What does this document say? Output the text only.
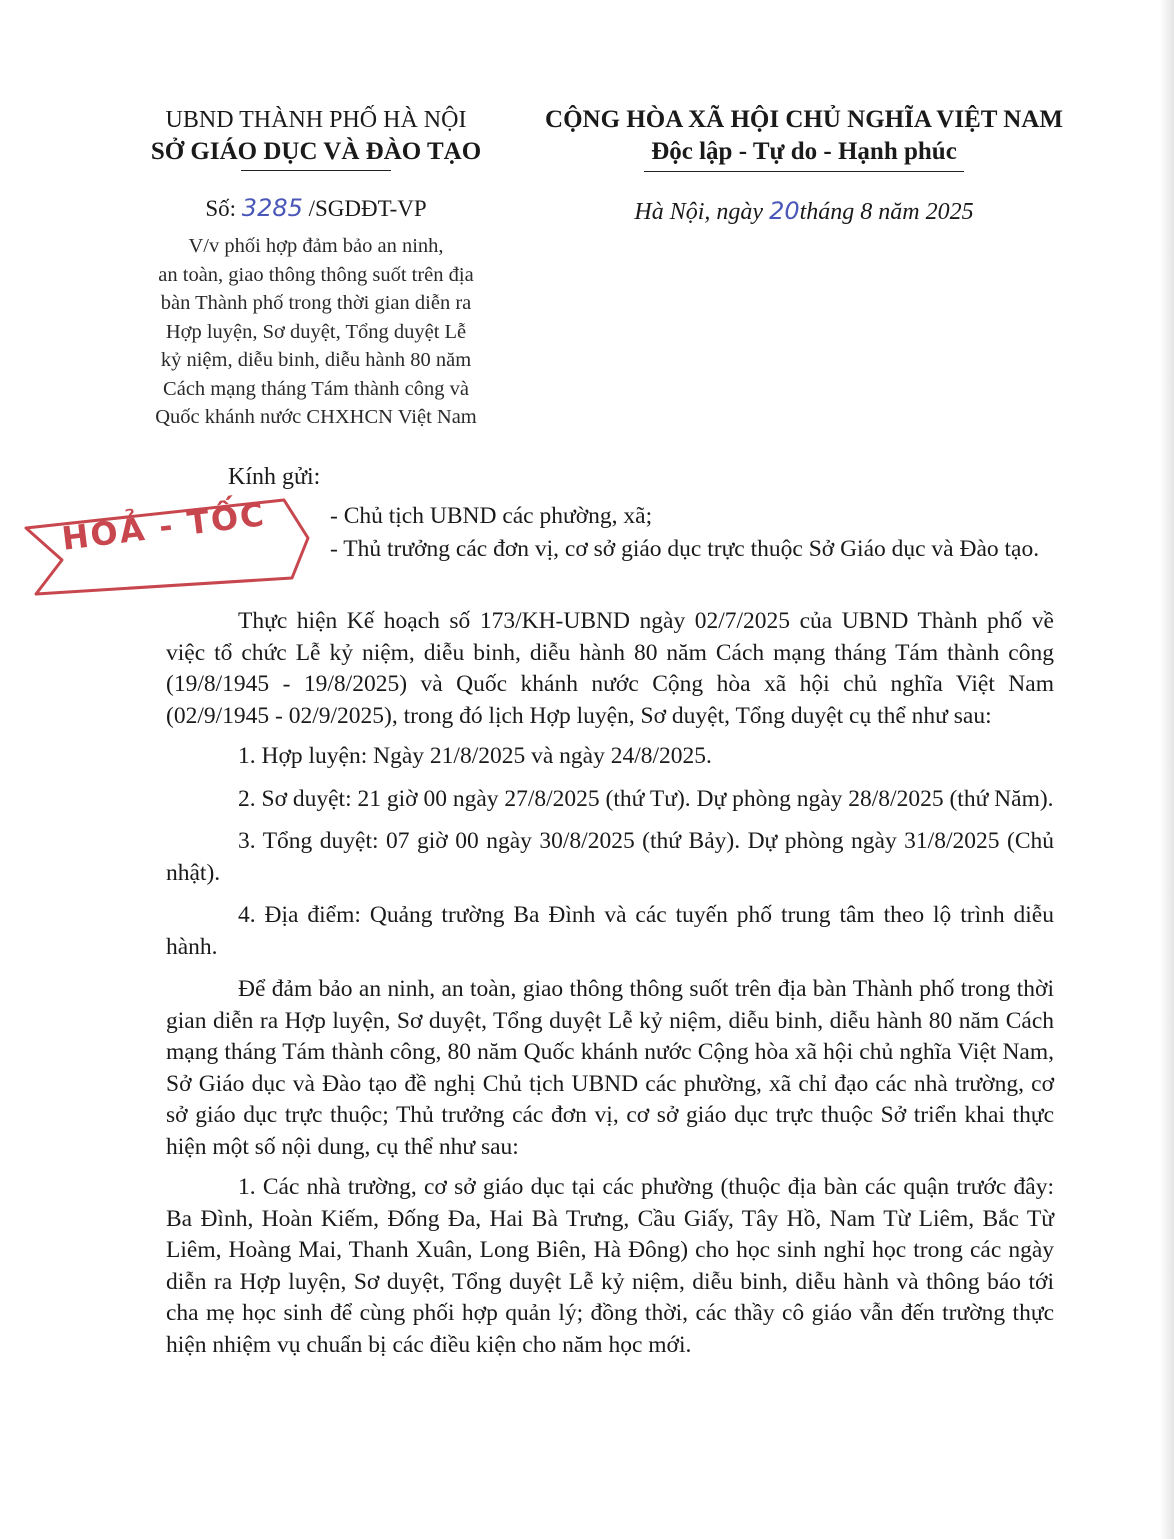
UBND THÀNH PHỐ HÀ NỘI
SỞ GIÁO DỤC VÀ ĐÀO TẠO
CỘNG HÒA XÃ HỘI CHỦ NGHĨA VIỆT NAM
Độc lập - Tự do - Hạnh phúc
Số: 3285 /SGDĐT-VP	Hà Nội, ngày 20tháng 8 năm 2025
V/v phối hợp đảm bảo an ninh,
an toàn, giao thông thông suốt trên địa
bàn Thành phố trong thời gian diễn ra
Hợp luyện, Sơ duyệt, Tổng duyệt Lễ
kỷ niệm, diễu binh, diễu hành 80 năm
Cách mạng tháng Tám thành công và
Quốc khánh nước CHXHCN Việt Nam
HOẢ - TỐC
Kính gửi:
- Chủ tịch UBND các phường, xã;
- Thủ trưởng các đơn vị, cơ sở giáo dục trực thuộc Sở Giáo dục và Đào tạo.

Thực hiện Kế hoạch số 173/KH-UBND ngày 02/7/2025 của UBND Thành phố về việc tổ chức Lễ kỷ niệm, diễu binh, diễu hành 80 năm Cách mạng tháng Tám thành công (19/8/1945 - 19/8/2025) và Quốc khánh nước Cộng hòa xã hội chủ nghĩa Việt Nam (02/9/1945 - 02/9/2025), trong đó lịch Hợp luyện, Sơ duyệt, Tổng duyệt cụ thể như sau:

1. Hợp luyện: Ngày 21/8/2025 và ngày 24/8/2025.

2. Sơ duyệt: 21 giờ 00 ngày 27/8/2025 (thứ Tư). Dự phòng ngày 28/8/2025 (thứ Năm).

3. Tổng duyệt: 07 giờ 00 ngày 30/8/2025 (thứ Bảy). Dự phòng ngày 31/8/2025 (Chủ nhật).

4. Địa điểm: Quảng trường Ba Đình và các tuyến phố trung tâm theo lộ trình diễu hành.

Để đảm bảo an ninh, an toàn, giao thông thông suốt trên địa bàn Thành phố trong thời gian diễn ra Hợp luyện, Sơ duyệt, Tổng duyệt Lễ kỷ niệm, diễu binh, diễu hành 80 năm Cách mạng tháng Tám thành công, 80 năm Quốc khánh nước Cộng hòa xã hội chủ nghĩa Việt Nam, Sở Giáo dục và Đào tạo đề nghị Chủ tịch UBND các phường, xã chỉ đạo các nhà trường, cơ sở giáo dục trực thuộc; Thủ trưởng các đơn vị, cơ sở giáo dục trực thuộc Sở triển khai thực hiện một số nội dung, cụ thể như sau:

1. Các nhà trường, cơ sở giáo dục tại các phường (thuộc địa bàn các quận trước đây: Ba Đình, Hoàn Kiếm, Đống Đa, Hai Bà Trưng, Cầu Giấy, Tây Hồ, Nam Từ Liêm, Bắc Từ Liêm, Hoàng Mai, Thanh Xuân, Long Biên, Hà Đông) cho học sinh nghỉ học trong các ngày diễn ra Hợp luyện, Sơ duyệt, Tổng duyệt Lễ kỷ niệm, diễu binh, diễu hành và thông báo tới cha mẹ học sinh để cùng phối hợp quản lý; đồng thời, các thầy cô giáo vẫn đến trường thực hiện nhiệm vụ chuẩn bị các điều kiện cho năm học mới.
